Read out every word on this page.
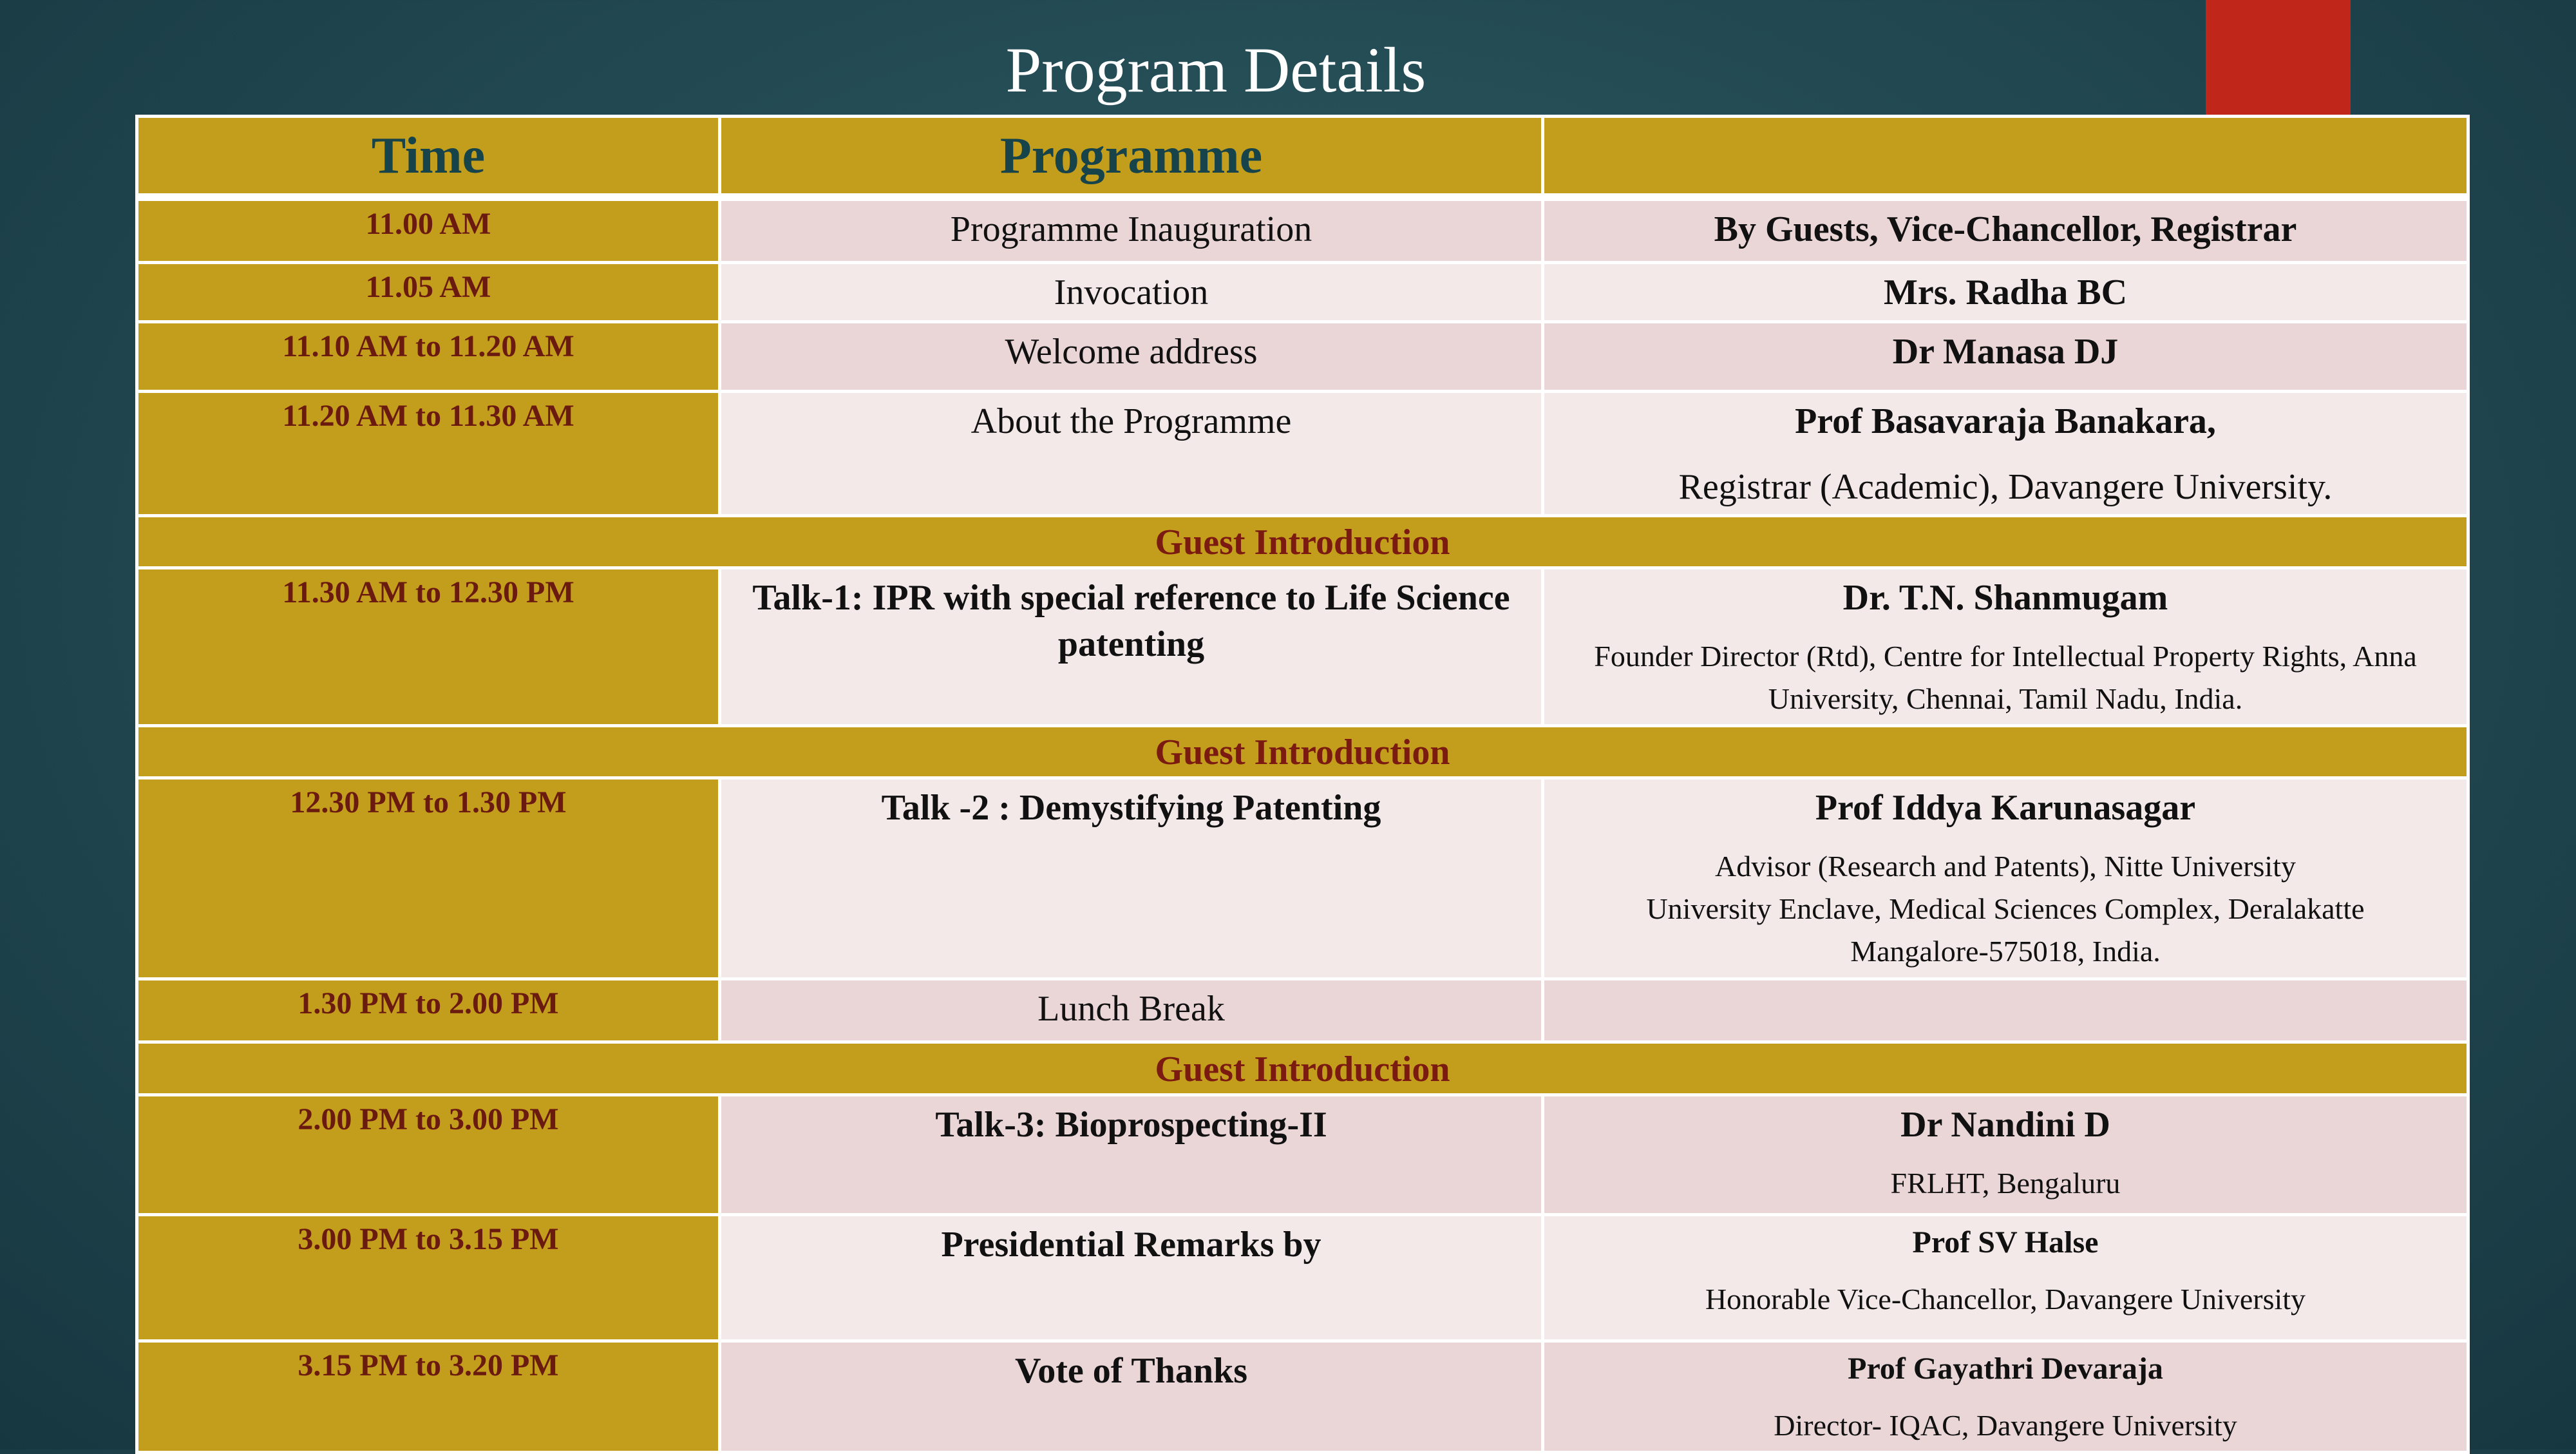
Program Details
Time	Programme	
11.00 AM	Programme Inauguration	By Guests, Vice-Chancellor, Registrar
11.05 AM	Invocation	Mrs. Radha BC
11.10 AM to 11.20 AM	Welcome address	Dr Manasa DJ
11.20 AM to 11.30 AM	About the Programme	Prof Basavaraja Banakara,
Registrar (Academic), Davangere University.

Guest Introduction		
11.30 AM to 12.30 PM	Talk-1: IPR with special reference to Life Science patenting	Dr. T.N. Shanmugam
Founder Director (Rtd), Centre for Intellectual Property Rights, Anna University, Chennai, Tamil Nadu, India.

Guest Introduction		
12.30 PM to 1.30 PM	Talk -2 : Demystifying Patenting	Prof Iddya Karunasagar
Advisor (Research and Patents), Nitte University
University Enclave, Medical Sciences Complex, Deralakatte
Mangalore-575018, India.

1.30 PM to 2.00 PM	Lunch Break	
Guest Introduction		
2.00 PM to 3.00 PM	Talk-3: Bioprospecting-II	Dr Nandini D
FRLHT, Bengaluru

3.00 PM to 3.15 PM	Presidential Remarks by	Prof SV Halse
Honorable Vice-Chancellor, Davangere University

3.15 PM to 3.20 PM	Vote of Thanks	Prof Gayathri Devaraja
Director- IQAC, Davangere University
